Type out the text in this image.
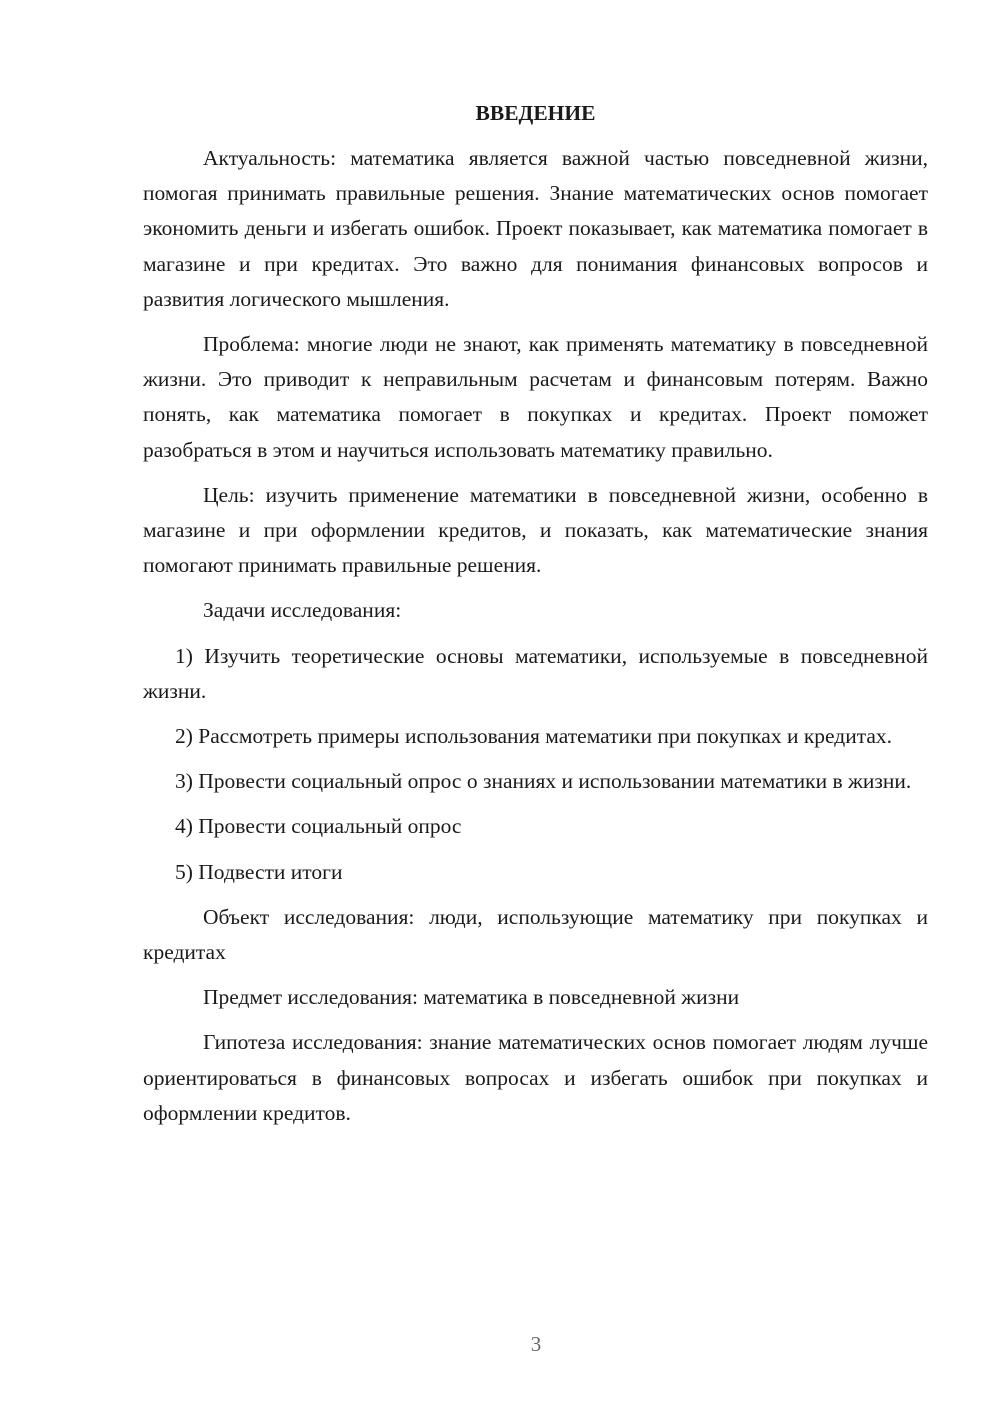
ВВЕДЕНИЕ

Актуальность: математика является важной частью повседневной жизни, помогая принимать правильные решения. Знание математических основ помогает экономить деньги и избегать ошибок. Проект показывает, как математика помогает в магазине и при кредитах. Это важно для понимания финансовых вопросов и развития логического мышления.

Проблема: многие люди не знают, как применять математику в повседневной жизни. Это приводит к неправильным расчетам и финансовым потерям. Важно понять, как математика помогает в покупках и кредитах. Проект поможет разобраться в этом и научиться использовать математику правильно.

Цель: изучить применение математики в повседневной жизни, особенно в магазине и при оформлении кредитов, и показать, как математические знания помогают принимать правильные решения.

Задачи исследования:

1) Изучить теоретические основы математики, используемые в повседневной жизни.

2) Рассмотреть примеры использования математики при покупках и кредитах.

3) Провести социальный опрос о знаниях и использовании математики в жизни.

4) Провести социальный опрос

5) Подвести итоги

Объект исследования: люди, использующие математику при покупках и кредитах

Предмет исследования: математика в повседневной жизни

Гипотеза исследования: знание математических основ помогает людям лучше ориентироваться в финансовых вопросах и избегать ошибок при покупках и оформлении кредитов.

3
